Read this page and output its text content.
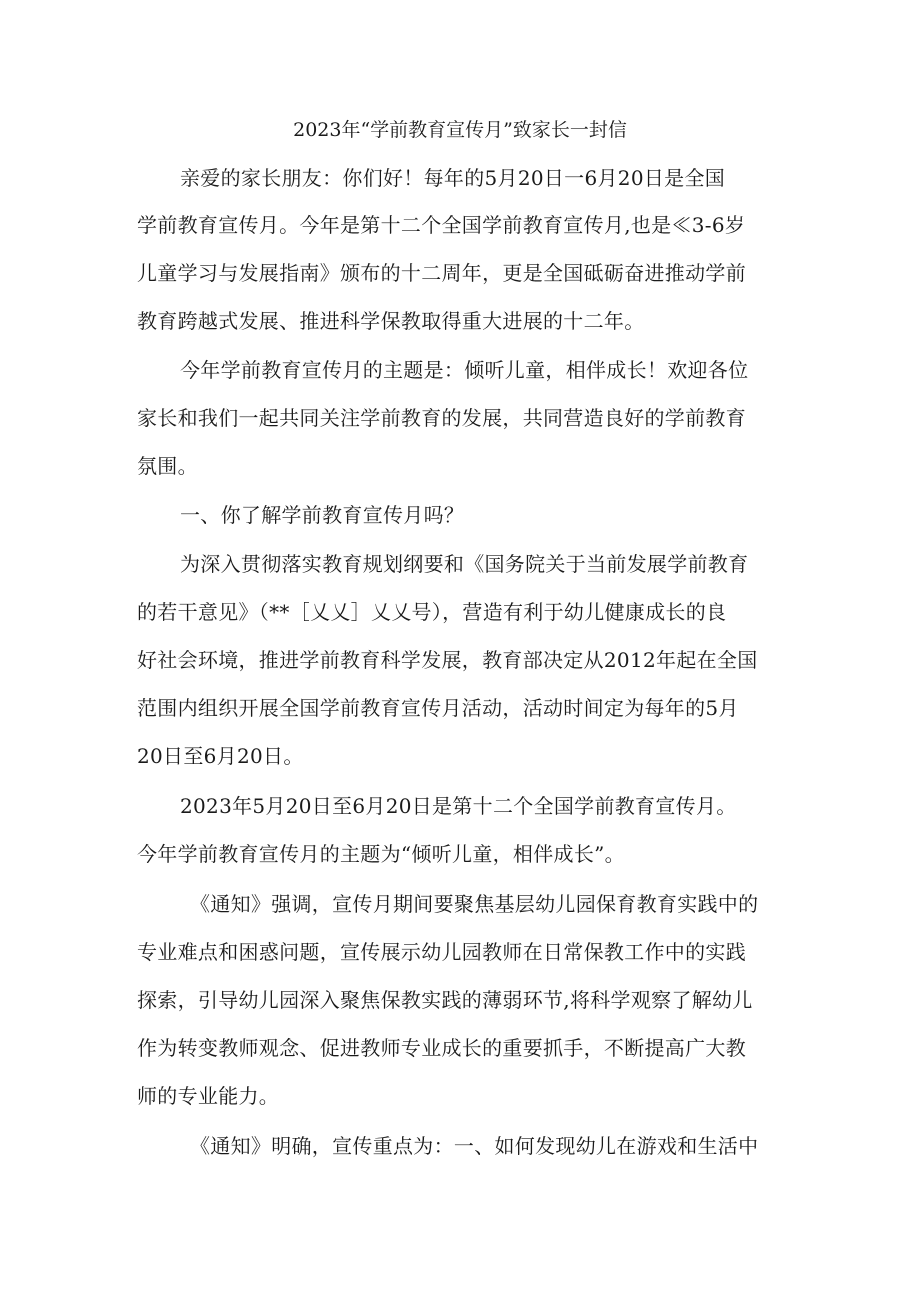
2023年“学前教育宣传月”致家长一封信
亲爱的家长朋友：你们好！每年的5月20日一6月20日是全国
学前教育宣传月。今年是第十二个全国学前教育宣传月,也是≪3-6岁
儿童学习与发展指南》颁布的十二周年，更是全国砥砺奋进推动学前
教育跨越式发展、推进科学保教取得重大进展的十二年。
今年学前教育宣传月的主题是：倾听儿童，相伴成长！欢迎各位
家长和我们一起共同关注学前教育的发展，共同营造良好的学前教育
氛围。
一、你了解学前教育宣传月吗？
为深入贯彻落实教育规划纲要和《国务院关于当前发展学前教育
的若干意见》（**［乂乂］乂乂号），营造有利于幼儿健康成长的良
好社会环境，推进学前教育科学发展，教育部决定从2012年起在全国
范围内组织开展全国学前教育宣传月活动，活动时间定为每年的5月
20日至6月20日。
2023年5月20日至6月20日是第十二个全国学前教育宣传月。
今年学前教育宣传月的主题为“倾听儿童，相伴成长”。
《通知》强调，宣传月期间要聚焦基层幼儿园保育教育实践中的
专业难点和困惑问题，宣传展示幼儿园教师在日常保教工作中的实践
探索，引导幼儿园深入聚焦保教实践的薄弱环节,将科学观察了解幼儿
作为转变教师观念、促进教师专业成长的重要抓手，不断提高广大教
师的专业能力。
《通知》明确，宣传重点为：一、如何发现幼儿在游戏和生活中
